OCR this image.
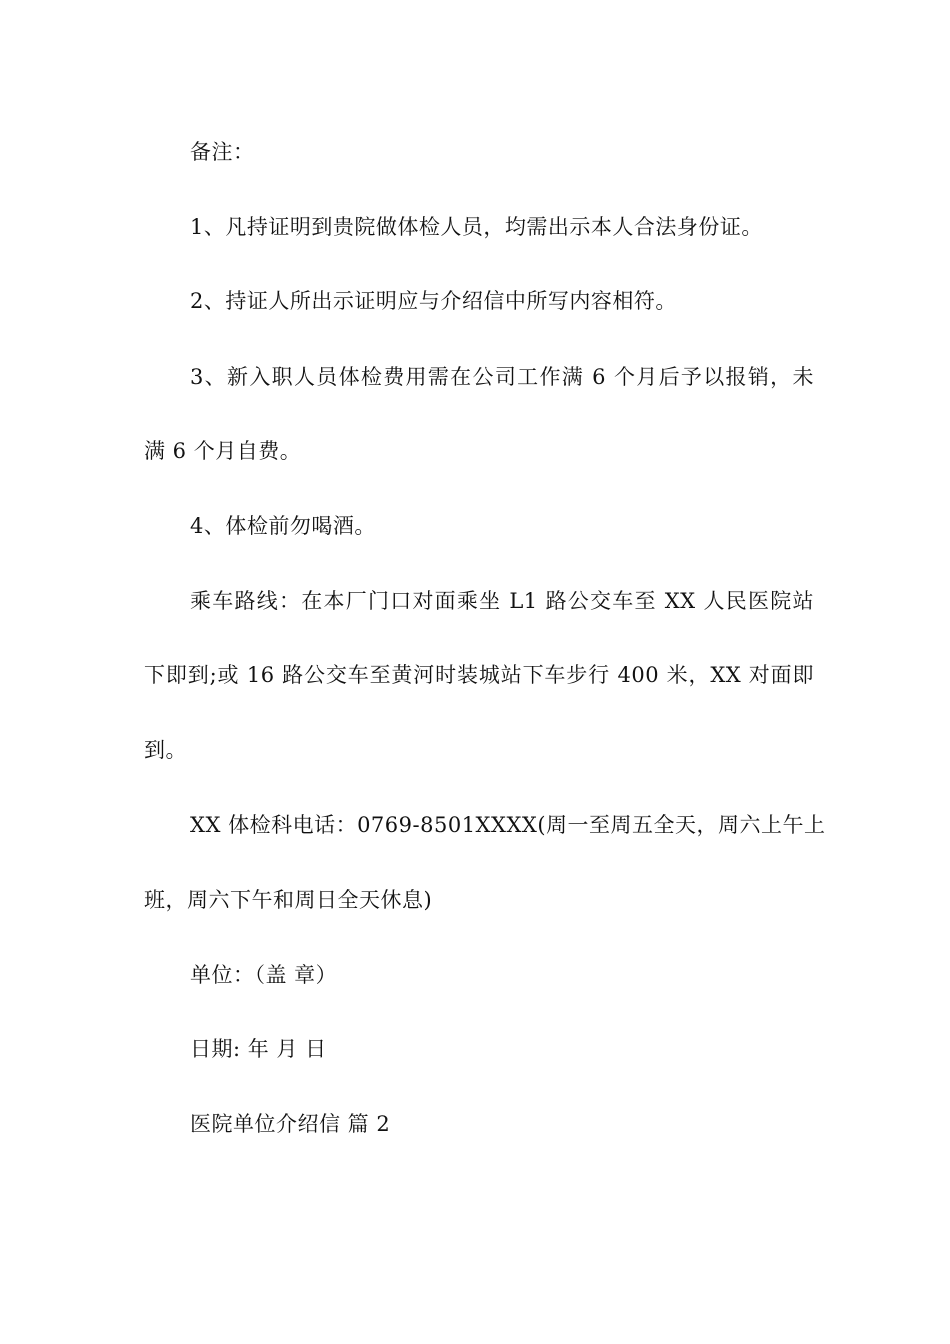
备注：
1、凡持证明到贵院做体检人员，均需出示本人合法身份证。
2、持证人所出示证明应与介绍信中所写内容相符。
3、新入职人员体检费用需在公司工作满 6 个月后予以报销，未
满 6 个月自费。
4、体检前勿喝酒。
乘车路线：在本厂门口对面乘坐 L1 路公交车至 XX 人民医院站
下即到;或 16 路公交车至黄河时装城站下车步行 400 米，XX 对面即
到。
XX 体检科电话：0769-8501XXXX(周一至周五全天，周六上午上
班，周六下午和周日全天休息)
单位：（盖 章）
日期: 年 月 日
医院单位介绍信 篇 2
